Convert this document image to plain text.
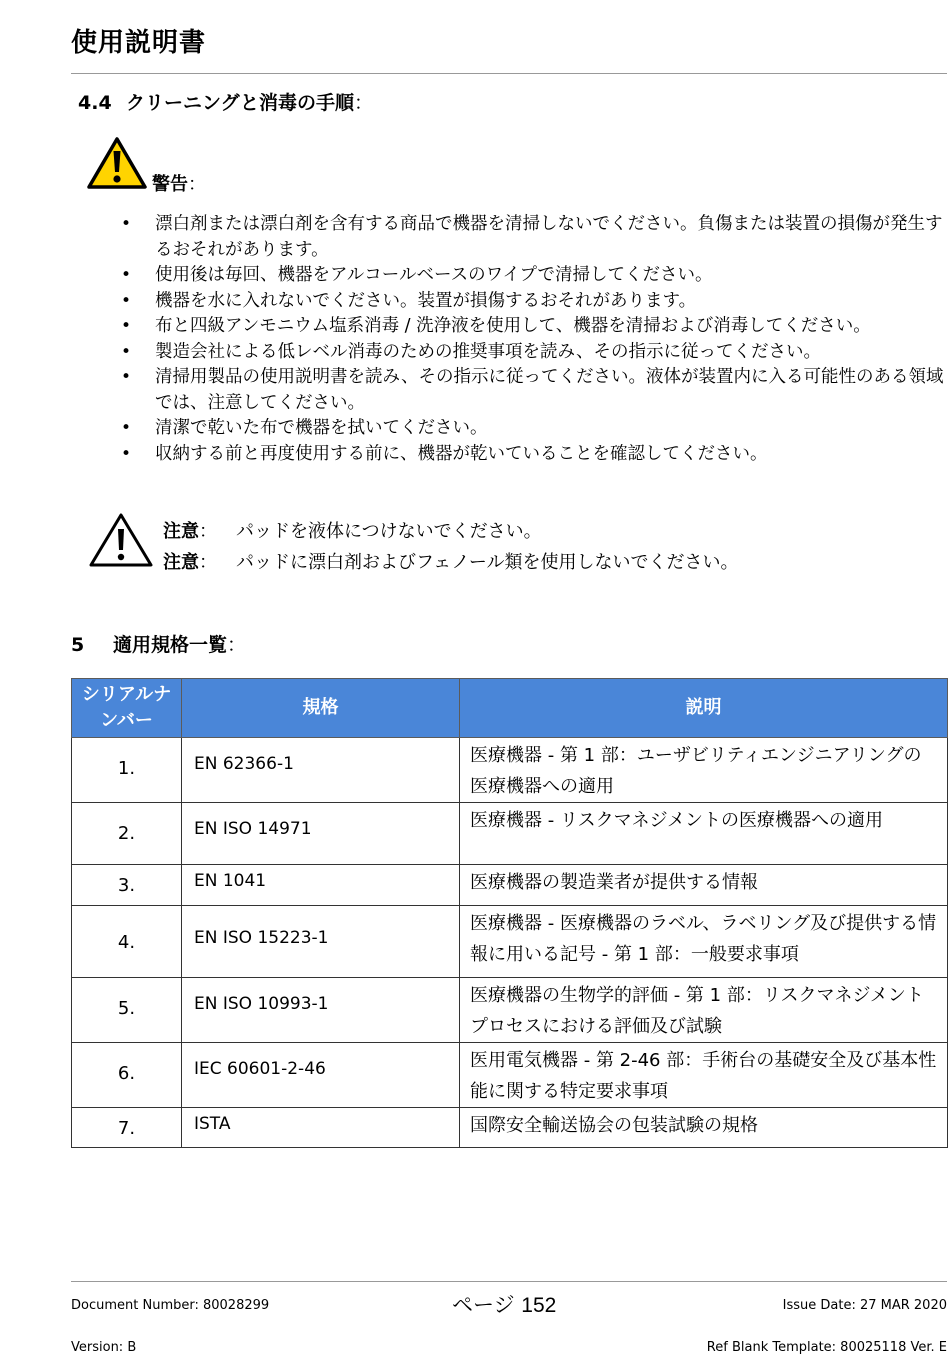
使用説明書
4.4 クリーニングと消毒の手順：
警告：
• 漂白剤または漂白剤を含有する商品で機器を清掃しないでください。負傷または装置の損傷が発生するおそれがあります。
• 使用後は毎回、機器をアルコールベースのワイプで清掃してください。
• 機器を水に入れないでください。装置が損傷するおそれがあります。
• 布と四級アンモニウム塩系消毒 / 洗浄液を使用して、機器を清掃および消毒してください。
• 製造会社による低レベル消毒のための推奨事項を読み、その指示に従ってください。
• 清掃用製品の使用説明書を読み、その指示に従ってください。液体が装置内に入る可能性のある領域では、注意してください。
• 清潔で乾いた布で機器を拭いてください。
• 収納する前と再度使用する前に、機器が乾いていることを確認してください。
注意： パッドを液体につけないでください。
注意： パッドに漂白剤およびフェノール類を使用しないでください。
5 適用規格一覧：
シリアルナンバー	規格	説明
1.	EN 62366-1	医療機器 - 第 1 部：ユーザビリティエンジニアリングの医療機器への適用
2.	EN ISO 14971	医療機器 - リスクマネジメントの医療機器への適用
3.	EN 1041	医療機器の製造業者が提供する情報
4.	EN ISO 15223-1	医療機器 - 医療機器のラベル、ラベリング及び提供する情報に用いる記号 - 第 1 部：一般要求事項
5.	EN ISO 10993-1	医療機器の生物学的評価 - 第 1 部：リスクマネジメントプロセスにおける評価及び試験
6.	IEC 60601-2-46	医用電気機器 - 第 2-46 部：手術台の基礎安全及び基本性能に関する特定要求事項
7.	ISTA	国際安全輸送協会の包装試験の規格
Document Number: 80028299	ページ 152	Issue Date: 27 MAR 2020
Version: B	Ref Blank Template: 80025118 Ver. E
